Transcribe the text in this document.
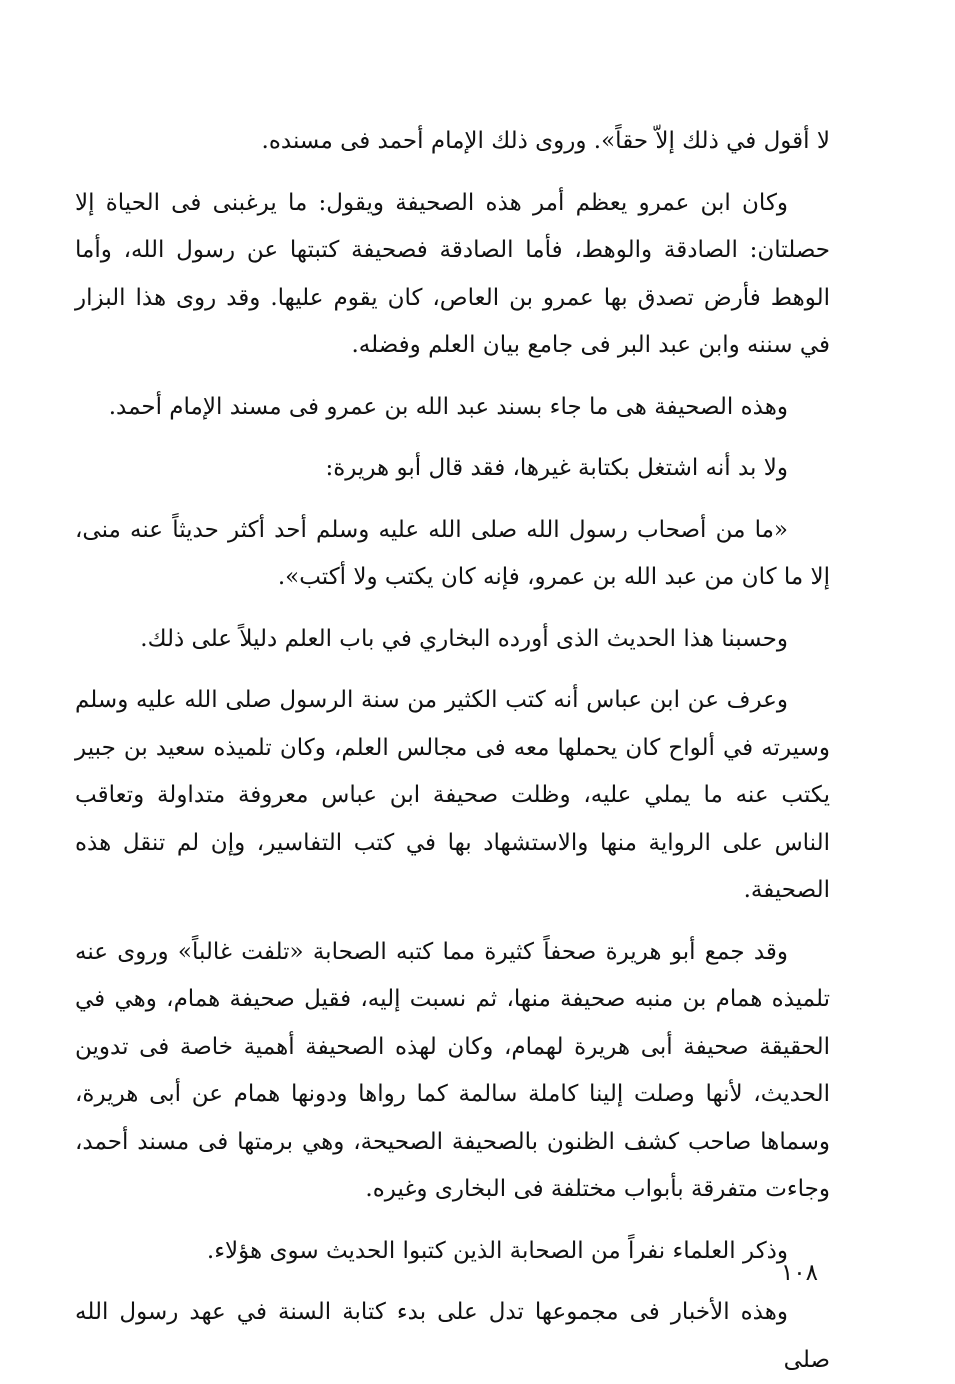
لا أقول في ذلك إلاّ حقاً». وروى ذلك الإمام أحمد فى مسنده.

وكان ابن عمرو يعظم أمر هذه الصحيفة ويقول: ما يرغبنى فى الحياة إلا حصلتان: الصادقة والوهط، فأما الصادقة فصحيفة كتبتها عن رسول الله، وأما الوهط فأرض تصدق بها عمرو بن العاص، كان يقوم عليها. وقد روى هذا البزار في سننه وابن عبد البر فى جامع بيان العلم وفضله.

وهذه الصحيفة هى ما جاء بسند عبد الله بن عمرو فى مسند الإمام أحمد.

ولا بد أنه اشتغل بكتابة غيرها، فقد قال أبو هريرة:

«ما من أصحاب رسول الله صلى الله عليه وسلم أحد أكثر حديثاً عنه منى، إلا ما كان من عبد الله بن عمرو، فإنه كان يكتب ولا أكتب».

وحسبنا هذا الحديث الذى أورده البخاري في باب العلم دليلاً على ذلك.

وعرف عن ابن عباس أنه كتب الكثير من سنة الرسول صلى الله عليه وسلم وسيرته في ألواح كان يحملها معه فى مجالس العلم، وكان تلميذه سعيد بن جبير يكتب عنه ما يملي عليه، وظلت صحيفة ابن عباس معروفة متداولة وتعاقب الناس على الرواية منها والاستشهاد بها في كتب التفاسير، وإن لم تنقل هذه الصحيفة.

وقد جمع أبو هريرة صحفاً كثيرة مما كتبه الصحابة «تلفت غالباً» وروى عنه تلميذه همام بن منبه صحيفة منها، ثم نسبت إليه، فقيل صحيفة همام، وهي في الحقيقة صحيفة أبى هريرة لهمام، وكان لهذه الصحيفة أهمية خاصة فى تدوين الحديث، لأنها وصلت إلينا كاملة سالمة كما رواها ودونها همام عن أبى هريرة، وسماها صاحب كشف الظنون بالصحيفة الصحيحة، وهي برمتها فى مسند أحمد، وجاءت متفرقة بأبواب مختلفة فى البخارى وغيره.

وذكر العلماء نفراً من الصحابة الذين كتبوا الحديث سوى هؤلاء.

وهذه الأخبار فى مجموعها تدل على بدء كتابة السنة في عهد رسول الله صلى

١٠٨
